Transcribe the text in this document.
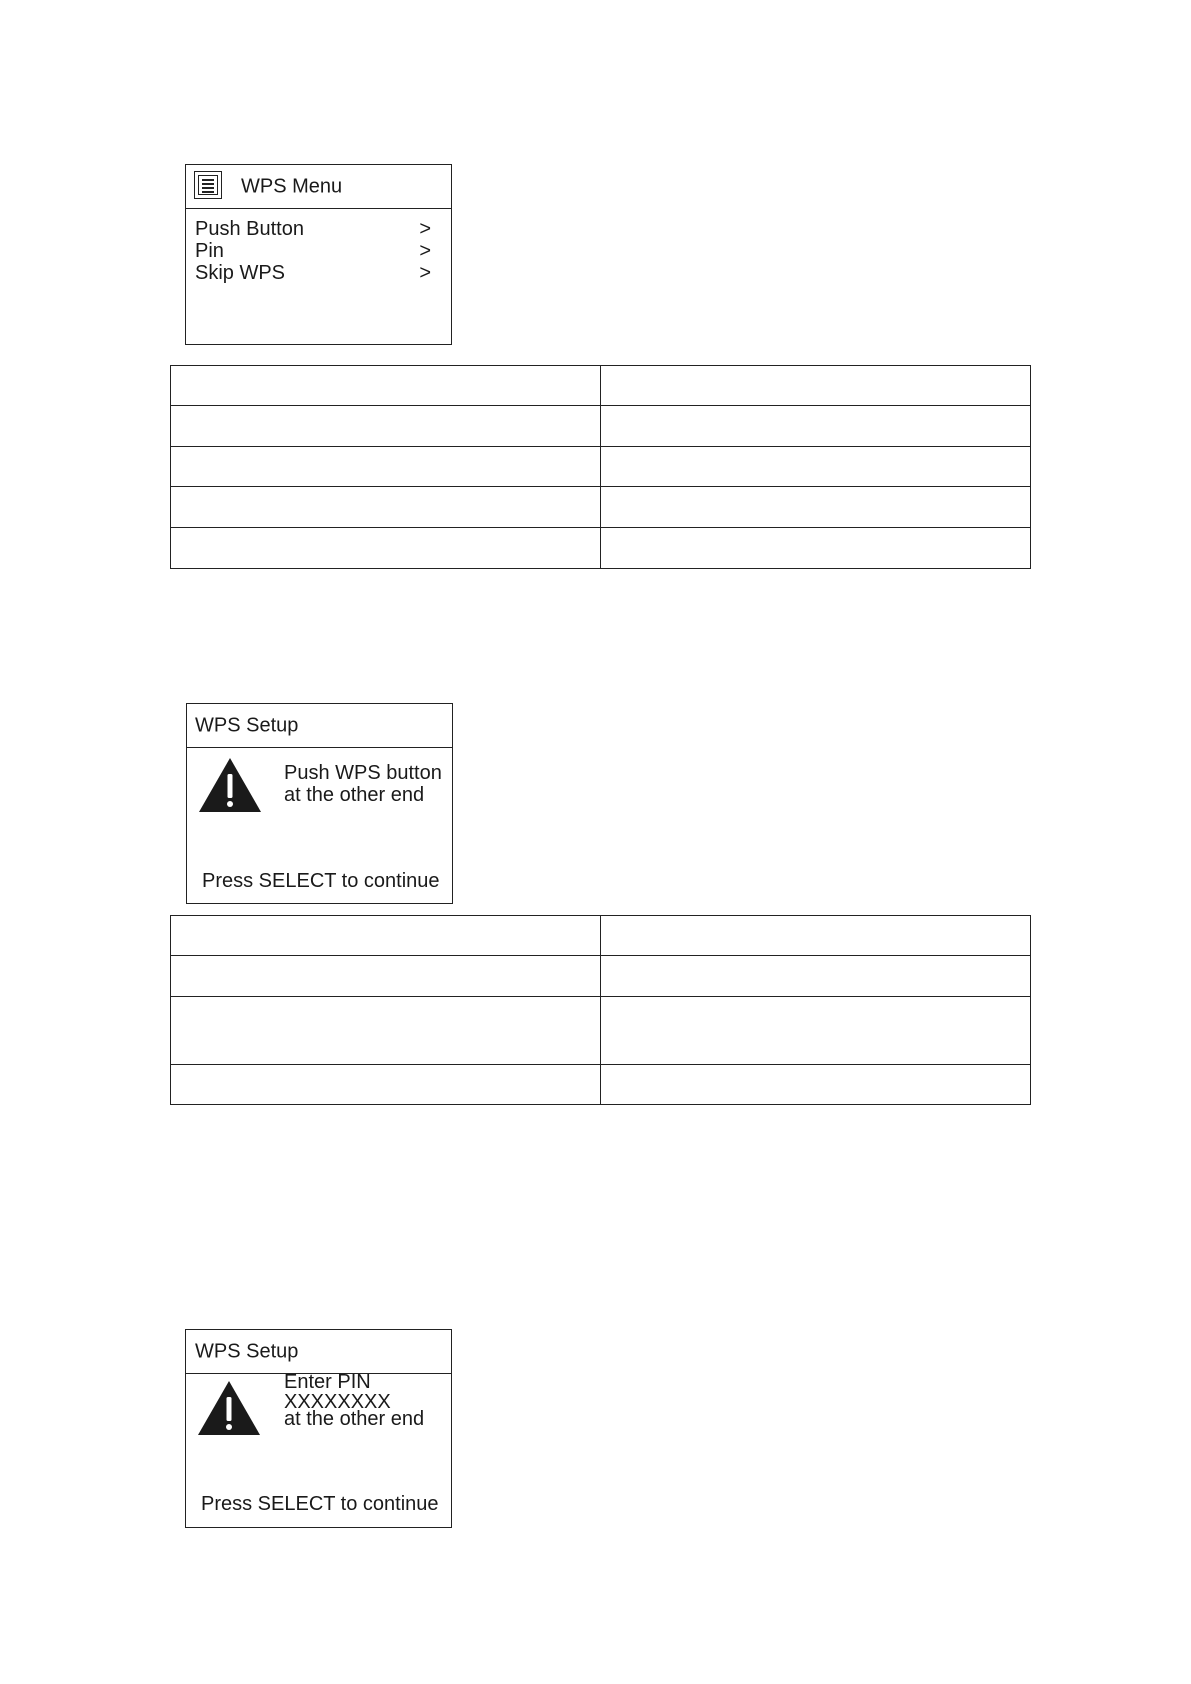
WPS Menu
Push Button	>
Pin	>
Skip WPS	>

WPS Setup
Push WPS button
at the other end
Press SELECT to continue

WPS Setup
Enter PIN
XXXXXXXX
at the other end
Press SELECT to continue
